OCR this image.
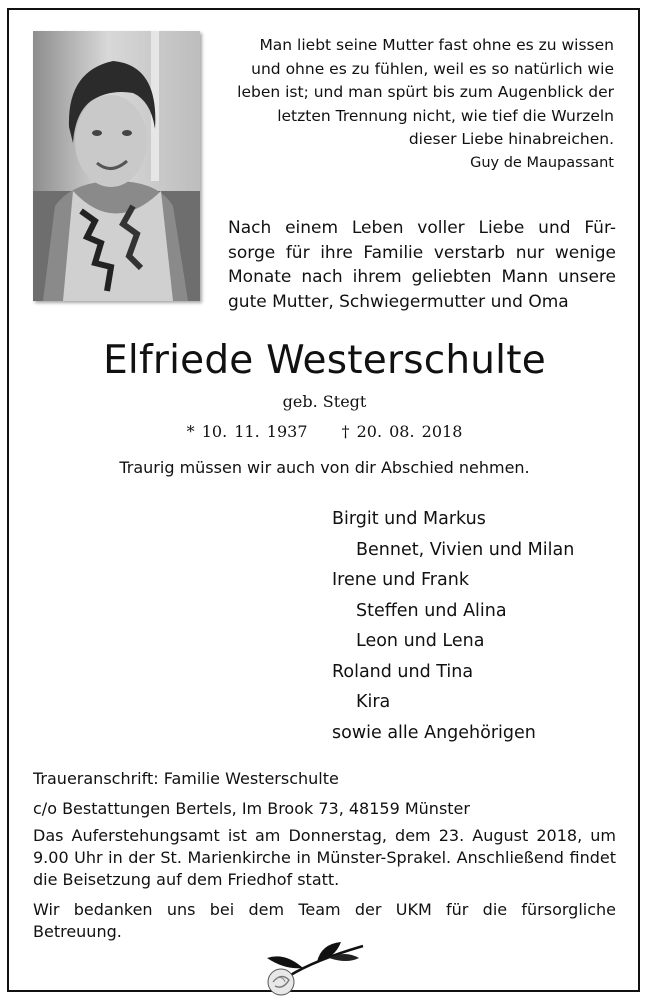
Man liebt seine Mutter fast ohne es zu wissen
und ohne es zu fühlen, weil es so natürlich wie
leben ist; und man spürt bis zum Augenblick der
letzten Trennung nicht, wie tief die Wurzeln
dieser Liebe hinabreichen.
Guy de Maupassant
Nach einem Leben voller Liebe und Für- sorge für ihre Familie verstarb nur wenige Monate nach ihrem geliebten Mann unsere gute Mutter, Schwiegermutter und Oma
Elfriede Westerschulte
geb. Stegt
* 10. 11. 1937 † 20. 08. 2018
Traurig müssen wir auch von dir Abschied nehmen.
Birgit und Markus
Bennet, Vivien und Milan
Irene und Frank
Steffen und Alina
Leon und Lena
Roland und Tina
Kira
sowie alle Angehörigen
Traueranschrift: Familie Westerschulte
c/o Bestattungen Bertels, Im Brook 73, 48159 Münster
Das Auferstehungsamt ist am Donnerstag, dem 23. August 2018, um 9.00 Uhr in der St. Marienkirche in Münster-Sprakel. Anschließend findet die Beisetzung auf dem Friedhof statt.
Wir bedanken uns bei dem Team der UKM für die fürsorgliche Betreuung.
